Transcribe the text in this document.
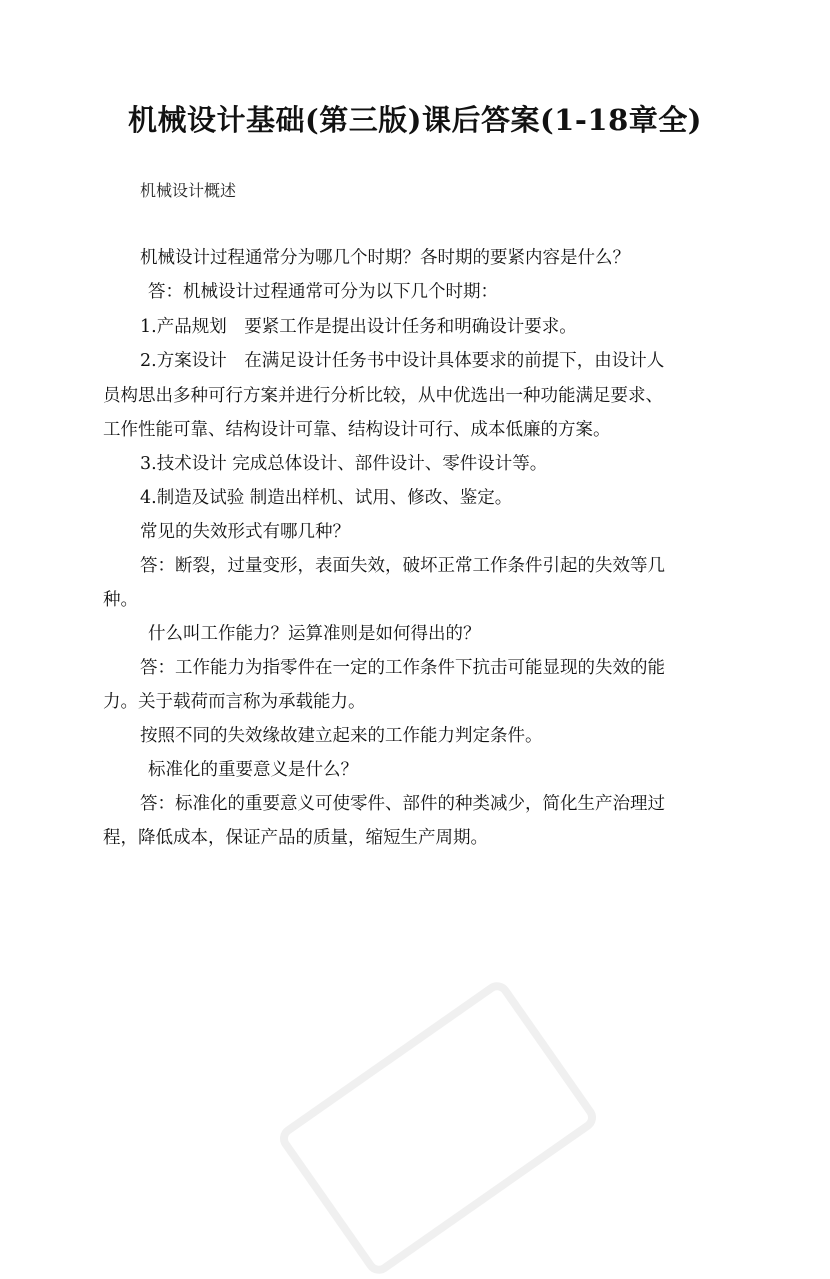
机械设计基础(第三版)课后答案(1-18章全)
机械设计概述
机械设计过程通常分为哪几个时期？各时期的要紧内容是什么？
答：机械设计过程通常可分为以下几个时期：
1.产品规划　要紧工作是提出设计任务和明确设计要求。
2.方案设计　在满足设计任务书中设计具体要求的前提下，由设计人
员构思出多种可行方案并进行分析比较，从中优选出一种功能满足要求、
工作性能可靠、结构设计可靠、结构设计可行、成本低廉的方案。
3.技术设计 完成总体设计、部件设计、零件设计等。
4.制造及试验 制造出样机、试用、修改、鉴定。
常见的失效形式有哪几种？
答：断裂，过量变形，表面失效，破坏正常工作条件引起的失效等几
种。
什么叫工作能力？运算准则是如何得出的？
答：工作能力为指零件在一定的工作条件下抗击可能显现的失效的能
力。关于载荷而言称为承载能力。
按照不同的失效缘故建立起来的工作能力判定条件。
标准化的重要意义是什么？
答：标准化的重要意义可使零件、部件的种类减少，简化生产治理过
程，降低成本，保证产品的质量，缩短生产周期。
